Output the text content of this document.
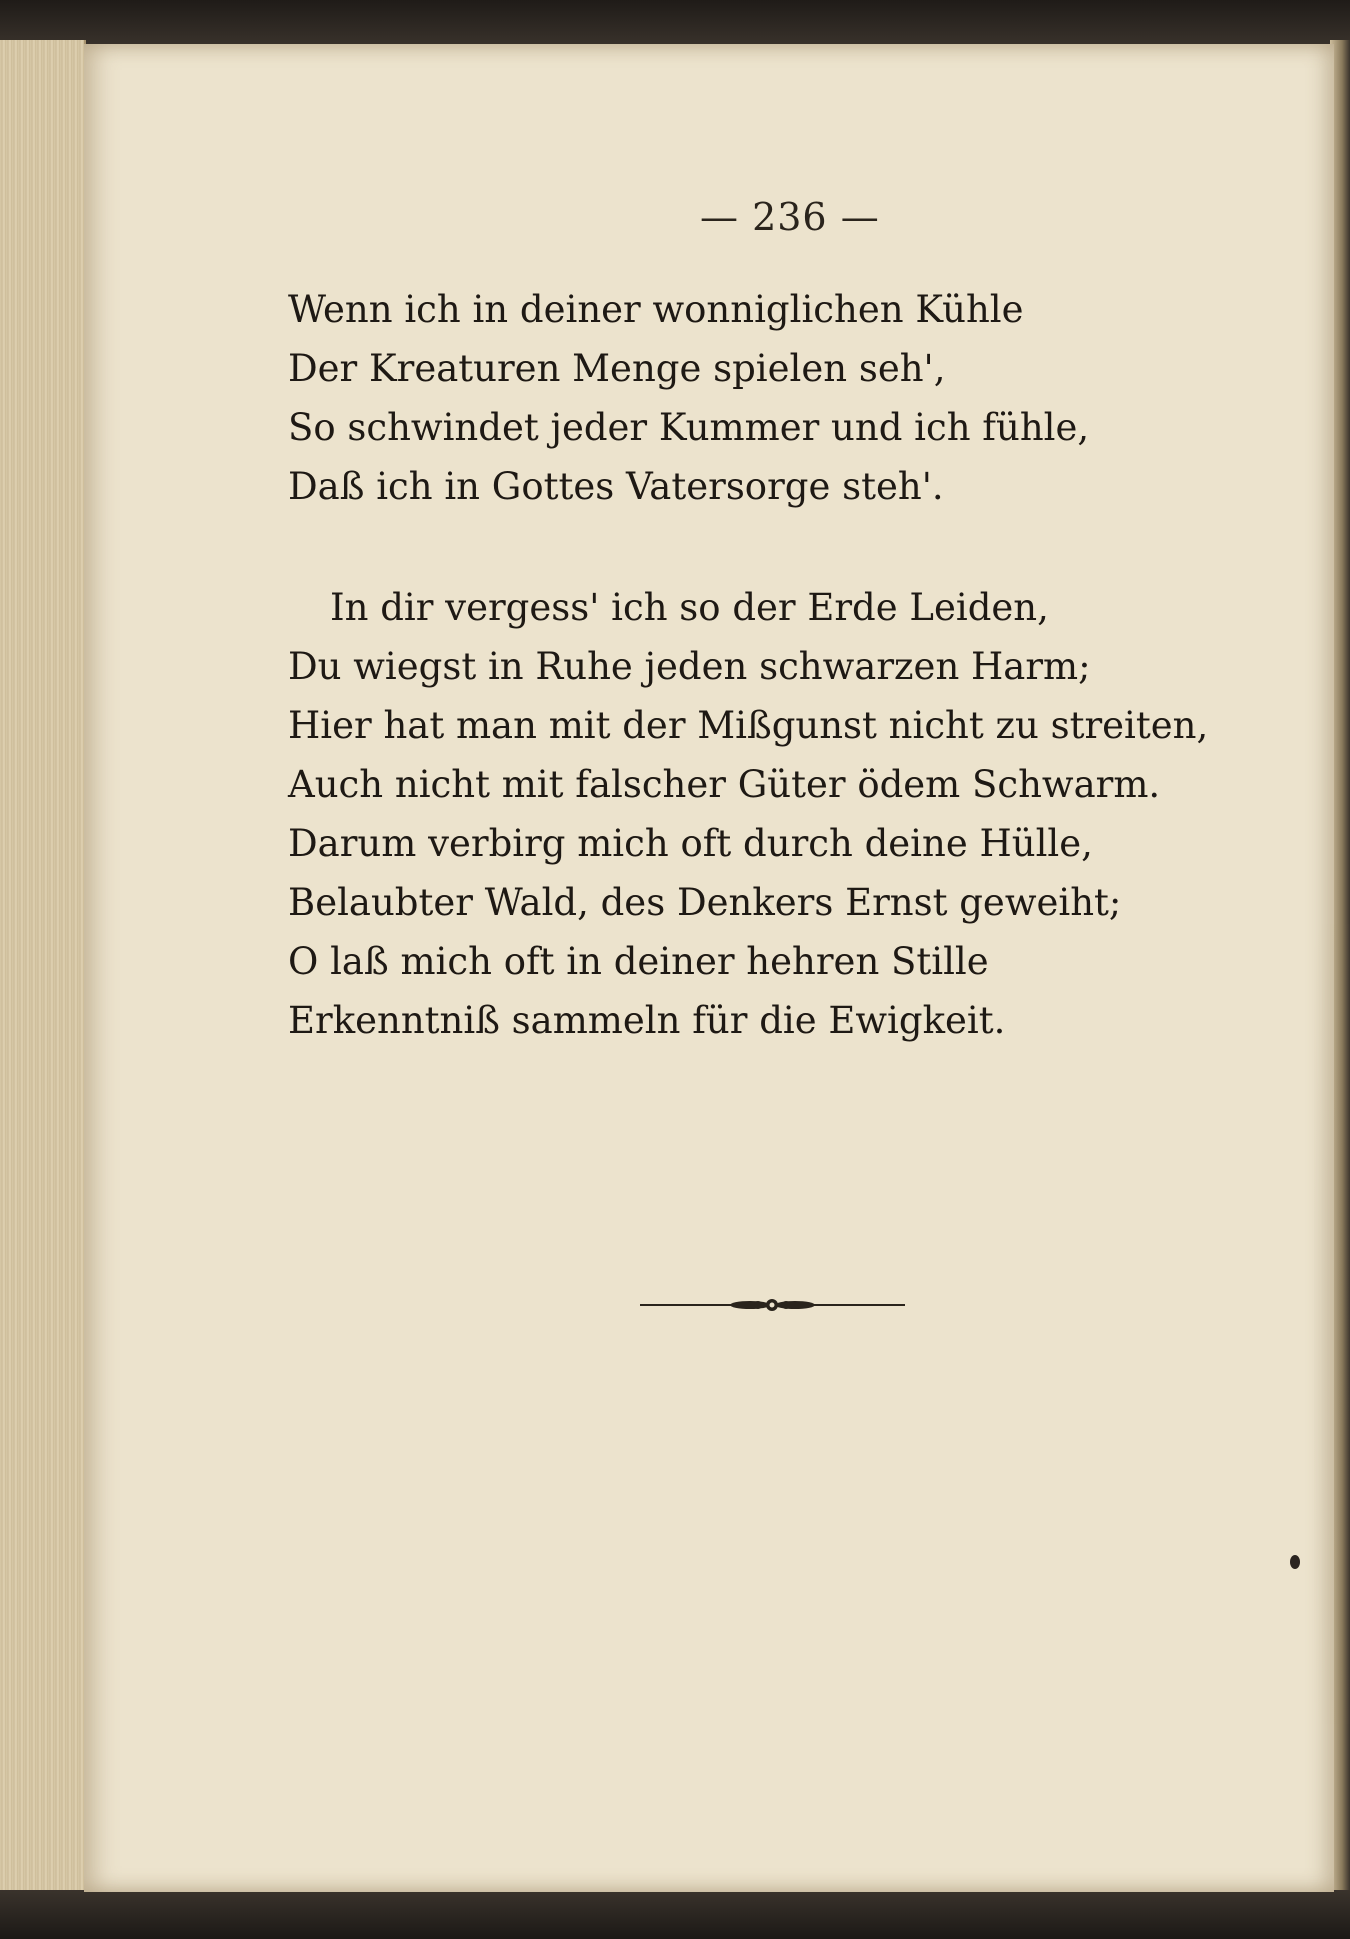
— 236 —
Wenn ich in deiner wonniglichen Kühle
Der Kreaturen Menge spielen seh',
So schwindet jeder Kummer und ich fühle,
Daß ich in Gottes Vatersorge steh'.
In dir vergess' ich so der Erde Leiden,
Du wiegst in Ruhe jeden schwarzen Harm;
Hier hat man mit der Mißgunst nicht zu streiten,
Auch nicht mit falscher Güter ödem Schwarm.
Darum verbirg mich oft durch deine Hülle,
Belaubter Wald, des Denkers Ernst geweiht;
O laß mich oft in deiner hehren Stille
Erkenntniß sammeln für die Ewigkeit.
